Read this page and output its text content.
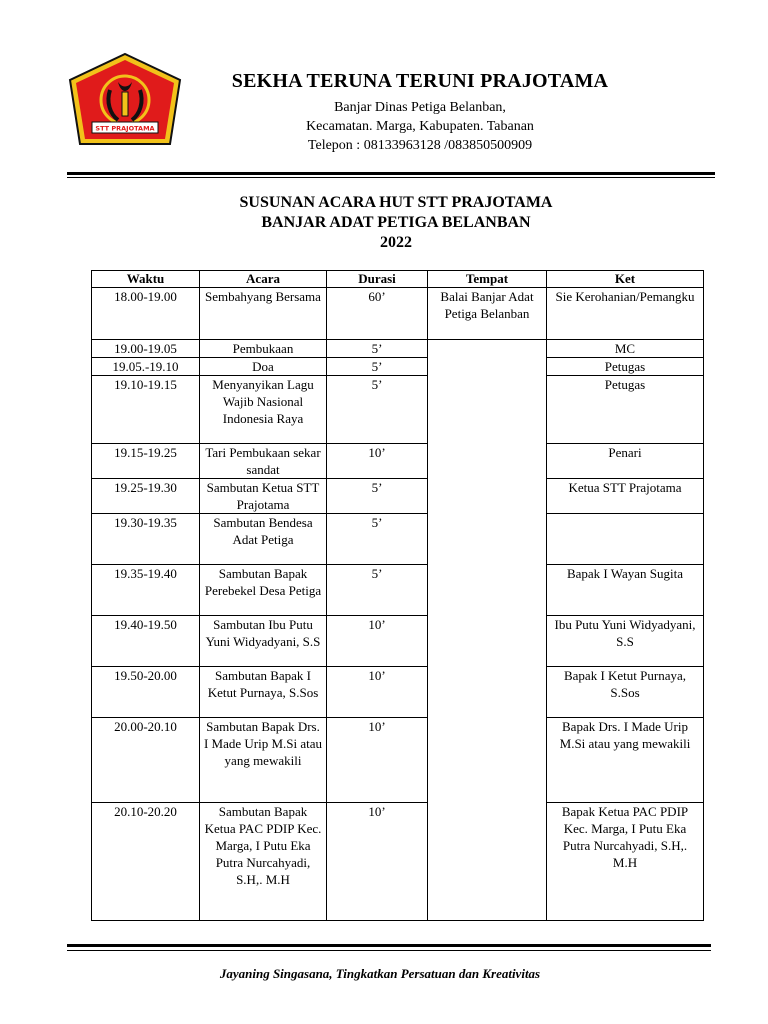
STT PRAJOTAMA
SEKHA TERUNA TERUNI PRAJOTAMA
Banjar Dinas Petiga Belanban,
Kecamatan. Marga, Kabupaten. Tabanan
Telepon : 08133963128 /083850500909
SUSUNAN ACARA HUT STT PRAJOTAMA
BANJAR ADAT PETIGA BELANBAN
2022
Waktu	Acara	Durasi	Tempat	Ket
18.00-19.00	Sembahyang Bersama	60’	Balai Banjar Adat Petiga Belanban	Sie Kerohanian/Pemangku
19.00-19.05	Pembukaan	5’		MC
19.05.-19.10	Doa	5’		Petugas
19.10-19.15	Menyanyikan Lagu Wajib Nasional Indonesia Raya	5’		Petugas
19.15-19.25	Tari Pembukaan sekar sandat	10’		Penari
19.25-19.30	Sambutan Ketua STT Prajotama	5’		Ketua STT Prajotama
19.30-19.35	Sambutan Bendesa Adat Petiga	5’		
19.35-19.40	Sambutan Bapak Perebekel Desa Petiga	5’		Bapak I Wayan Sugita
19.40-19.50	Sambutan Ibu Putu Yuni Widyadyani, S.S	10’		Ibu Putu Yuni Widyadyani, S.S
19.50-20.00	Sambutan Bapak I Ketut Purnaya, S.Sos	10’		Bapak I Ketut Purnaya, S.Sos
20.00-20.10	Sambutan Bapak Drs. I Made Urip M.Si atau yang mewakili	10’		Bapak Drs. I Made Urip M.Si atau yang mewakili
20.10-20.20	Sambutan Bapak Ketua PAC PDIP Kec. Marga, I Putu Eka Putra Nurcahyadi, S.H,. M.H	10’		Bapak Ketua PAC PDIP Kec. Marga, I Putu Eka Putra Nurcahyadi, S.H,. M.H
Jayaning Singasana, Tingkatkan Persatuan dan Kreativitas
